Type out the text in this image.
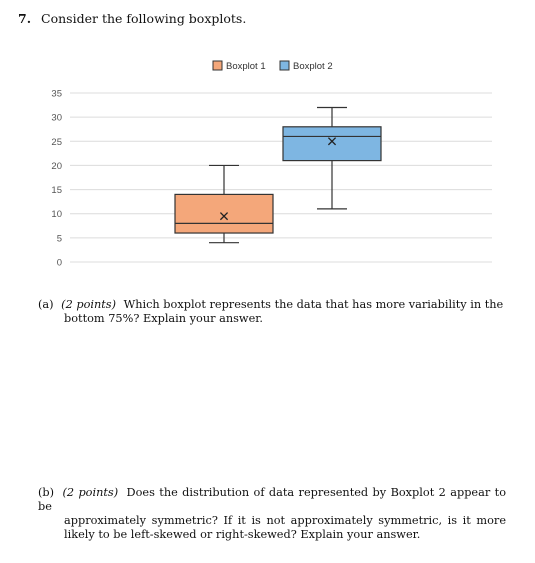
7. Consider the following boxplots.
0
5
10
15
20
25
30
35
Boxplot 1	Boxplot 2
(a) (2 points) Which boxplot represents the data that has more variability in the
bottom 75%? Explain your answer.
(b) (2 points) Does the distribution of data represented by Boxplot 2 appear to be
approximately symmetric? If it is not approximately symmetric, is it more likely to be left-skewed or right-skewed? Explain your answer.
